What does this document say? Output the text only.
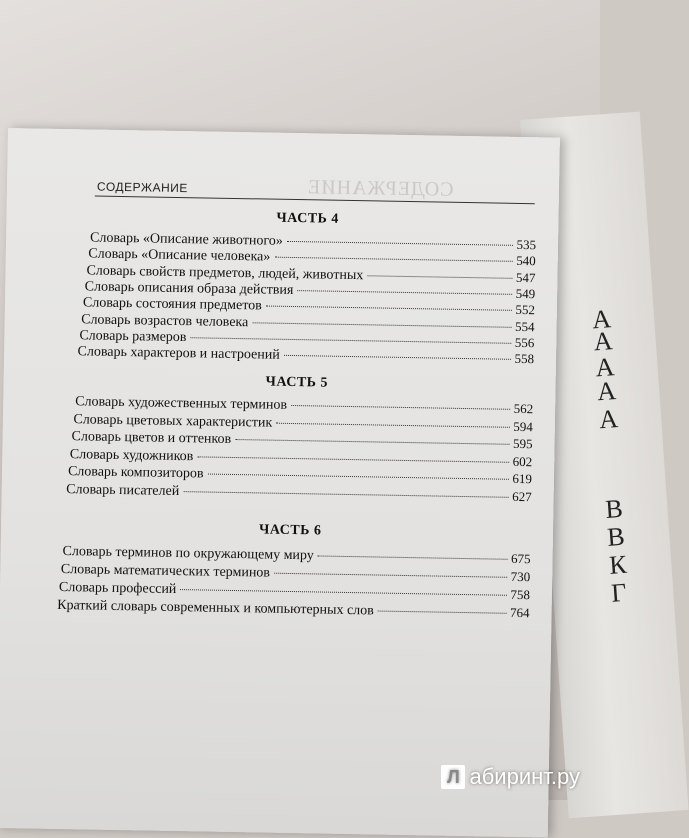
А
А
А
А
А
В
В
К
Г
СОДЕРЖАНИЕ
СОДЕРЖАНИЕ
ЧАСТЬ 4
Словарь «Описание животного»	535
Словарь «Описание человека»	540
Словарь свойств предметов, людей, животных	547
Словарь описания образа действия	549
Словарь состояния предметов	552
Словарь возрастов человека	554
Словарь размеров	556
Словарь характеров и настроений	558
ЧАСТЬ 5
Словарь художественных терминов	562
Словарь цветовых характеристик	594
Словарь цветов и оттенков	595
Словарь художников	602
Словарь композиторов	619
Словарь писателей	627
ЧАСТЬ 6
Словарь терминов по окружающему миру	675
Словарь математических терминов	730
Словарь профессий	758
Краткий словарь современных и компьютерных слов	764
Л абиринт.ру
